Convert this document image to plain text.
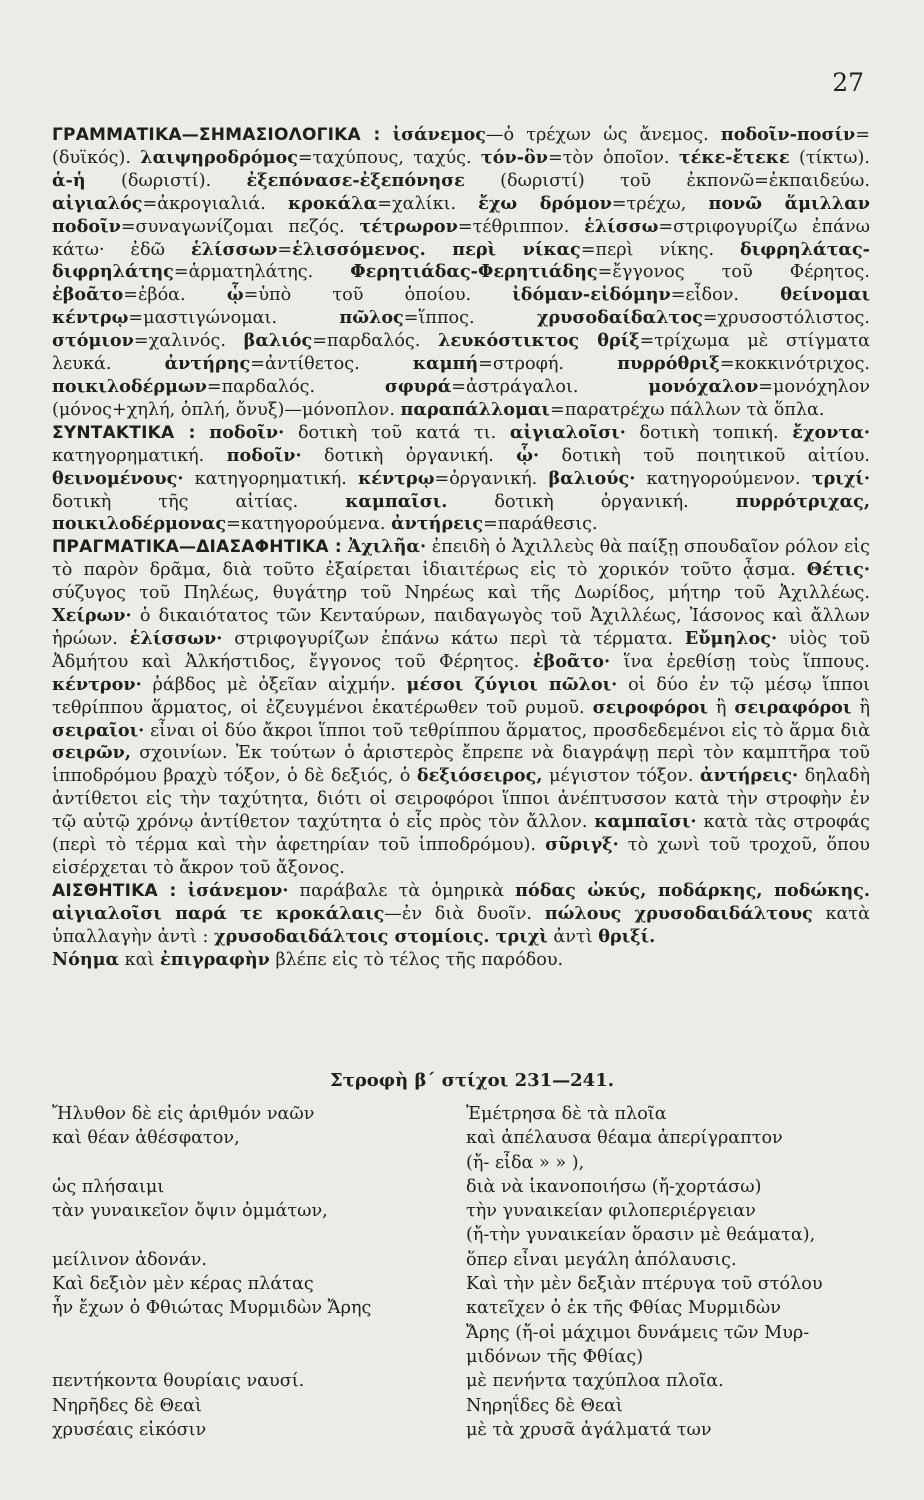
27

ΓΡΑΜΜΑΤΙΚΑ—ΣΗΜΑΣΙΟΛΟΓΙΚΑ : ἰσάνεμος—ὁ τρέχων ὡς ἄνεμος. ποδοῖν-ποσίν=(δυϊκός). λαιψηροδρόμος=ταχύπους, ταχύς. τόν-ὃν=τὸν ὁποῖον. τέκε-ἔτεκε (τίκτω). ἁ-ἡ (δωριστί). ἐξεπόνασε-ἐξεπόνησε (δωριστί) τοῦ ἐκπονῶ=ἐκπαιδεύω. αἰγιαλός=ἀκρογιαλιά. κροκάλα=χαλίκι. ἔχω δρόμον=τρέχω, πονῶ ἅμιλλαν ποδοῖν=συναγωνίζομαι πεζός. τέτρωρον=τέθριππον. ἑλίσσω=στριφογυρίζω ἐπάνω κάτω· ἐδῶ ἑλίσσων=ἑλισσόμενος. περὶ νίκας=περὶ νίκης. διφρηλάτας-διφρηλάτης=ἁρματηλάτης. Φερητιάδας-Φερητιάδης=ἔγγονος τοῦ Φέρητος. ἐβοᾶτο=ἐβόα. ᾧ=ὑπὸ τοῦ ὁποίου. ἰδόμαν-εἰδόμην=εἶδον. θείνομαι κέντρῳ=μαστιγώνομαι. πῶλος=ἵππος. χρυσοδαίδαλτος=χρυσοστόλιστος. στόμιον=χαλινός. βαλιός=παρδαλός. λευκόστικτος θρίξ=τρίχωμα μὲ στίγματα λευκά. ἀντήρης=ἀντίθετος. καμπή=στροφή. πυρρόθριξ=κοκκινότριχος. ποικιλοδέρμων=παρδαλός. σφυρά=ἀστράγαλοι. μονόχαλον=μονόχηλον (μόνος+χηλή, ὁπλή, ὄνυξ)—μόνοπλον. παραπάλλομαι=παρατρέχω πάλλων τὰ ὅπλα.

ΣΥΝΤΑΚΤΙΚΑ : ποδοῖν· δοτικὴ τοῦ κατά τι. αἰγιαλοῖσι· δοτικὴ τοπική. ἔχοντα· κατηγορηματική. ποδοῖν· δοτικὴ ὀργανική. ᾧ· δοτικὴ τοῦ ποιητικοῦ αἰτίου. θεινομένους· κατηγορηματική. κέντρῳ=ὀργανική. βαλιούς· κατηγορούμενον. τριχί· δοτικὴ τῆς αἰτίας. καμπαῖσι. δοτικὴ ὀργανική. πυρρότριχας, ποικιλοδέρμονας=κατηγορούμενα. ἀντήρεις=παράθεσις.

ΠΡΑΓΜΑΤΙΚΑ—ΔΙΑΣΑΦΗΤΙΚΑ : Ἀχιλῆα· ἐπειδὴ ὁ Ἀχιλλεὺς θὰ παίξῃ σπουδαῖον ρόλον εἰς τὸ παρὸν δρᾶμα, διὰ τοῦτο ἐξαίρεται ἰδιαιτέρως εἰς τὸ χορικόν τοῦτο ᾆσμα. Θέτις· σύζυγος τοῦ Πηλέως, θυγάτηρ τοῦ Νηρέως καὶ τῆς Δωρίδος, μήτηρ τοῦ Ἀχιλλέως. Χείρων· ὁ δικαιότατος τῶν Κενταύρων, παιδαγωγὸς τοῦ Ἀχιλλέως, Ἰάσονος καὶ ἄλλων ἡρώων. ἑλίσσων· στριφογυρίζων ἐπάνω κάτω περὶ τὰ τέρματα. Εὔμηλος· υἱὸς τοῦ Ἀδμήτου καὶ Ἀλκήστιδος, ἔγγονος τοῦ Φέρητος. ἐβοᾶτο· ἵνα ἐρεθίσῃ τοὺς ἵππους. κέντρον· ῥάβδος μὲ ὀξεῖαν αἰχμήν. μέσοι ζύγιοι πῶλοι· οἱ δύο ἐν τῷ μέσῳ ἵπποι τεθρίππου ἅρματος, οἱ ἐζευγμένοι ἑκατέρωθεν τοῦ ρυμοῦ. σειροφόροι ἢ σειραφόροι ἢ σειραῖοι· εἶναι οἱ δύο ἄκροι ἵπποι τοῦ τεθρίππου ἅρματος, προσδεδεμένοι εἰς τὸ ἅρμα διὰ σειρῶν, σχοινίων. Ἐκ τούτων ὁ ἀριστερὸς ἔπρεπε νὰ διαγράψῃ περὶ τὸν καμπτῆρα τοῦ ἱπποδρόμου βραχὺ τόξον, ὁ δὲ δεξιός, ὁ δεξιόσειρος, μέγιστον τόξον. ἀντήρεις· δηλαδὴ ἀντίθετοι εἰς τὴν ταχύτητα, διότι οἱ σειροφόροι ἵπποι ἀνέπτυσσον κατὰ τὴν στροφὴν ἐν τῷ αὐτῷ χρόνῳ ἀντίθετον ταχύτητα ὁ εἷς πρὸς τὸν ἄλλον. καμπαῖσι· κατὰ τὰς στροφάς (περὶ τὸ τέρμα καὶ τὴν ἀφετηρίαν τοῦ ἱπποδρόμου). σῦριγξ· τὸ χωνὶ τοῦ τροχοῦ, ὅπου εἰσέρχεται τὸ ἄκρον τοῦ ἄξονος.

ΑΙΣΘΗΤΙΚΑ : ἰσάνεμον· παράβαλε τὰ ὁμηρικὰ πόδας ὠκύς, ποδάρκης, ποδώκης. αἰγιαλοῖσι παρά τε κροκάλαις—ἐν διὰ δυοῖν. πώλους χρυσοδαιδάλτους κατὰ ὑπαλλαγὴν ἀντὶ : χρυσοδαιδάλτοις στομίοις. τριχὶ ἀντὶ θριξί.

Νόημα καὶ ἐπιγραφὴν βλέπε εἰς τὸ τέλος τῆς παρόδου.

Στροφὴ β΄ στίχοι 231—241.
Ἤλυθον δὲ εἰς ἀριθμόν ναῶν	Ἐμέτρησα δὲ τὰ πλοῖα
καὶ θέαν ἀθέσφατον,	καὶ ἀπέλαυσα θέαμα ἀπερίγραπτον
(ἤ- εἶδα » » ),
ὡς πλήσαιμι	διὰ νὰ ἱκανοποιήσω (ἤ-χορτάσω)
τὰν γυναικεῖον ὄψιν ὀμμάτων,	τὴν γυναικείαν φιλοπεριέργειαν
(ἤ-τὴν γυναικείαν ὅρασιν μὲ θεάματα),
μείλινον ἀδονάν.	ὅπερ εἶναι μεγάλη ἀπόλαυσις.
Καὶ δεξιὸν μὲν κέρας πλάτας	Καὶ τὴν μὲν δεξιὰν πτέρυγα τοῦ στόλου
ἦν ἔχων ὁ Φθιώτας Μυρμιδὼν Ἄρης	κατεῖχεν ὁ ἐκ τῆς Φθίας Μυρμιδὼν
Ἄρης (ἤ-οἱ μάχιμοι δυνάμεις τῶν Μυρ-
μιδόνων τῆς Φθίας)
πεντήκοντα θουρίαις ναυσί.	μὲ πενήντα ταχύπλοα πλοῖα.
Νηρῆδες δὲ Θεαὶ	Νηρηΐδες δὲ Θεαὶ
χρυσέαις εἰκόσιν	μὲ τὰ χρυσᾶ ἀγάλματά των
